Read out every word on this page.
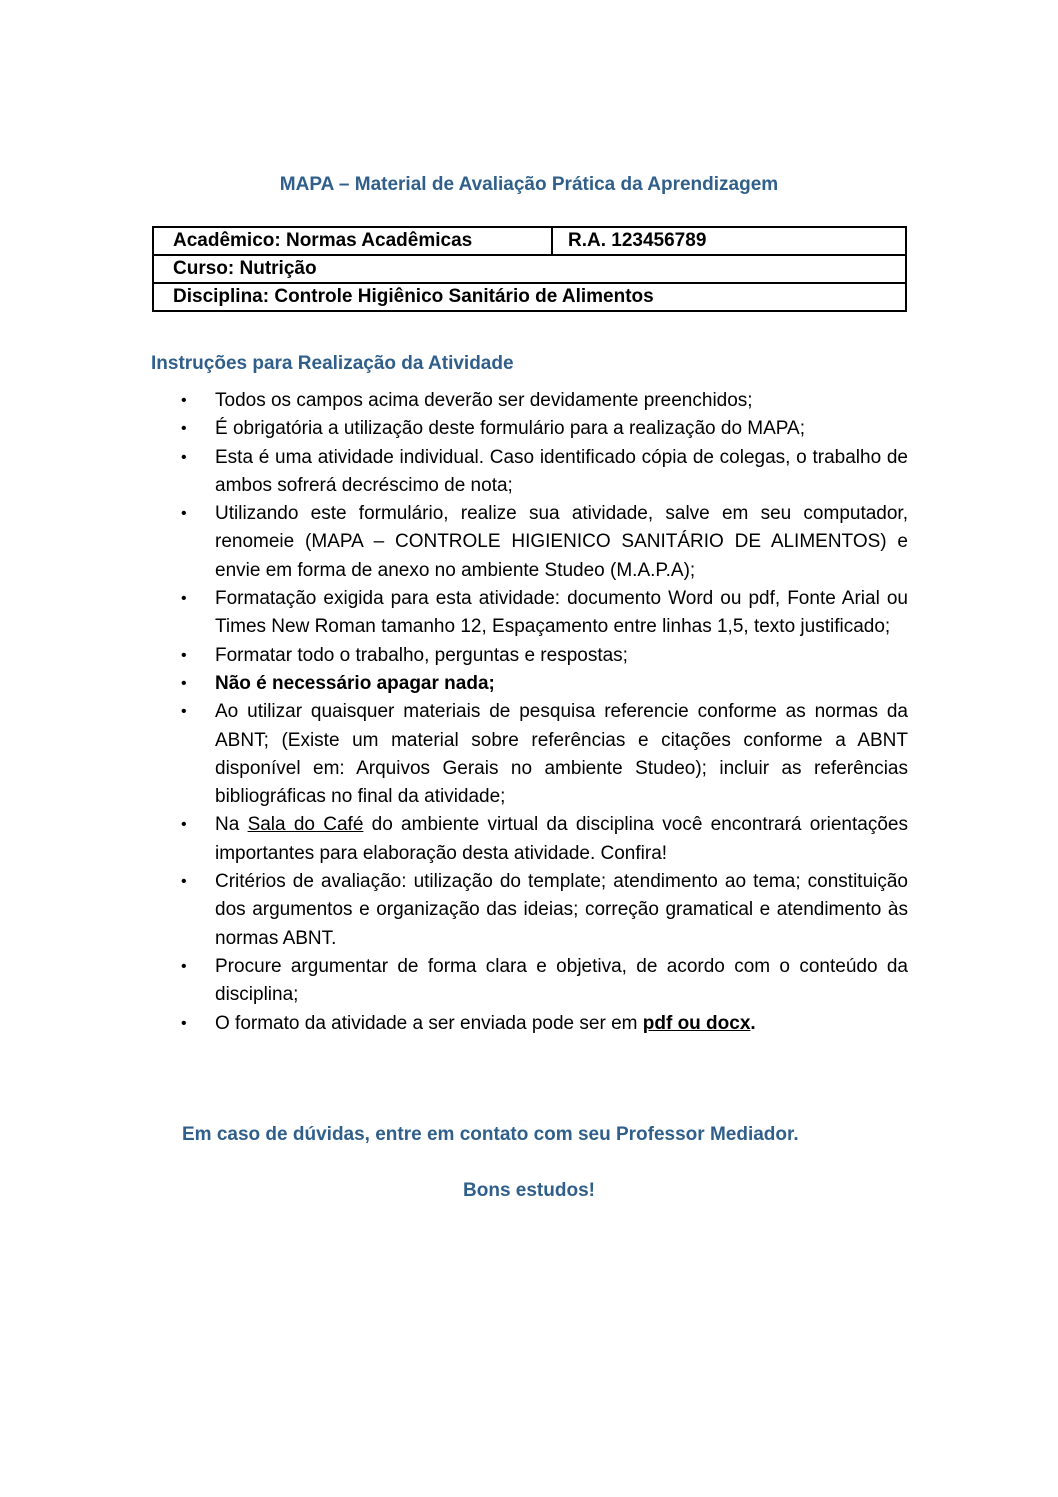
MAPA – Material de Avaliação Prática da Aprendizagem
Acadêmico: Normas Acadêmicas	R.A. 123456789
Curso: Nutrição
Disciplina: Controle Higiênico Sanitário de Alimentos
Instruções para Realização da Atividade
• Todos os campos acima deverão ser devidamente preenchidos;
• É obrigatória a utilização deste formulário para a realização do MAPA;
• Esta é uma atividade individual. Caso identificado cópia de colegas, o trabalho de ambos sofrerá decréscimo de nota;
• Utilizando este formulário, realize sua atividade, salve em seu computador, renomeie (MAPA – CONTROLE HIGIENICO SANITÁRIO DE ALIMENTOS) e envie em forma de anexo no ambiente Studeo (M.A.P.A);
• Formatação exigida para esta atividade: documento Word ou pdf, Fonte Arial ou Times New Roman tamanho 12, Espaçamento entre linhas 1,5, texto justificado;
• Formatar todo o trabalho, perguntas e respostas;
• Não é necessário apagar nada;
• Ao utilizar quaisquer materiais de pesquisa referencie conforme as normas da ABNT; (Existe um material sobre referências e citações conforme a ABNT disponível em: Arquivos Gerais no ambiente Studeo); incluir as referências bibliográficas no final da atividade;
• Na Sala do Café do ambiente virtual da disciplina você encontrará orientações importantes para elaboração desta atividade. Confira!
• Critérios de avaliação: utilização do template; atendimento ao tema; constituição dos argumentos e organização das ideias; correção gramatical e atendimento às normas ABNT.
• Procure argumentar de forma clara e objetiva, de acordo com o conteúdo da disciplina;
• O formato da atividade a ser enviada pode ser em pdf ou docx.
Em caso de dúvidas, entre em contato com seu Professor Mediador.
Bons estudos!
